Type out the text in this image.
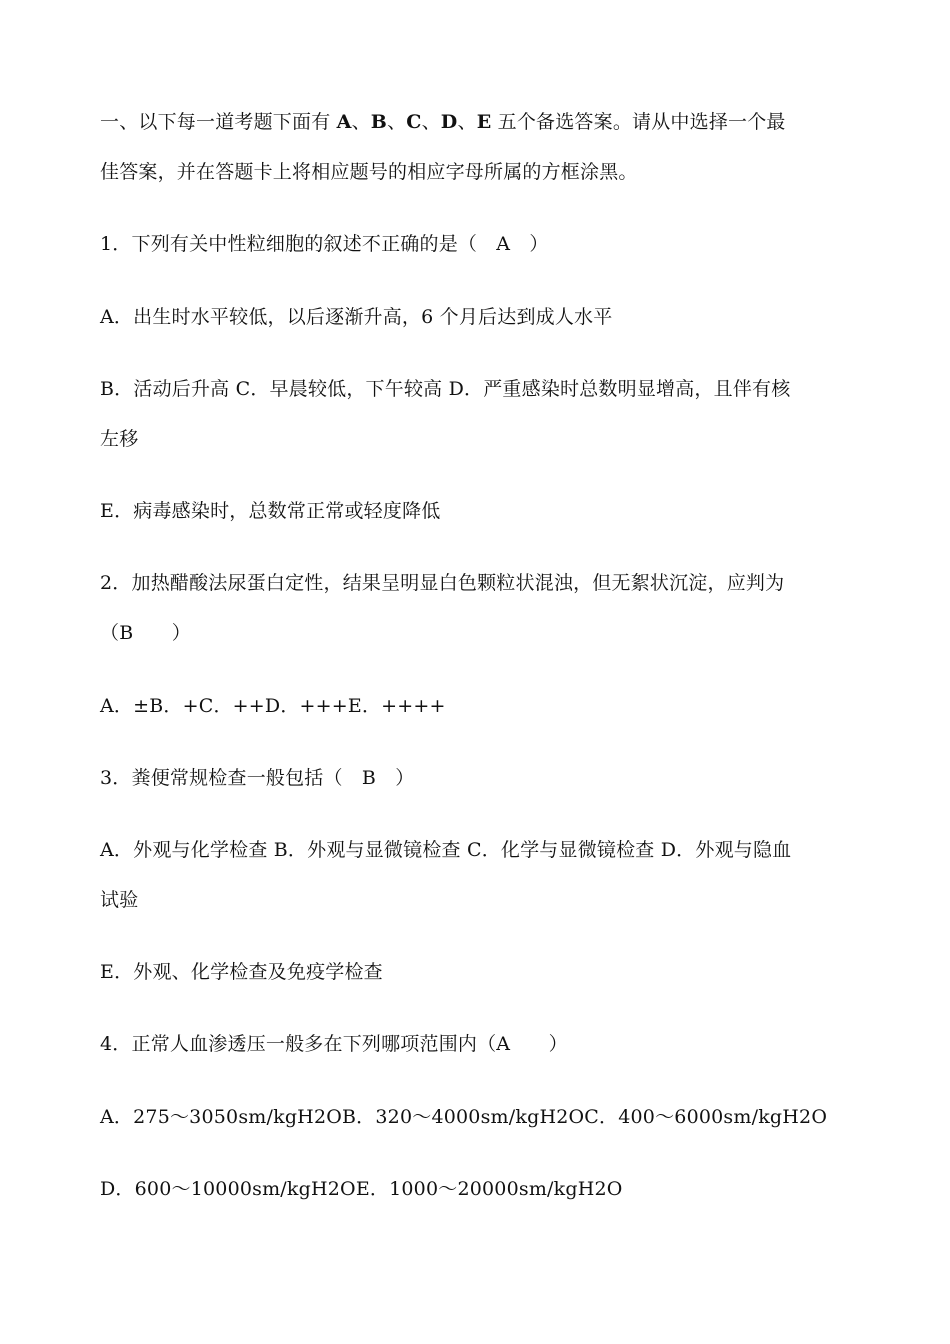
一、以下每一道考题下面有 A、B、C、D、E 五个备选答案。请从中选择一个最
佳答案，并在答题卡上将相应题号的相应字母所属的方框涂黑。
1．下列有关中性粒细胞的叙述不正确的是（　A　）
A．出生时水平较低，以后逐渐升高，6 个月后达到成人水平
B．活动后升高 C．早晨较低，下午较高 D．严重感染时总数明显增高，且伴有核
左移
E．病毒感染时，总数常正常或轻度降低
2．加热醋酸法尿蛋白定性，结果呈明显白色颗粒状混浊，但无絮状沉淀，应判为
（B　　）
A．±B．+C．++D．+++E．++++
3．粪便常规检查一般包括（　B　）
A．外观与化学检查 B．外观与显微镜检查 C．化学与显微镜检查 D．外观与隐血
试验
E．外观、化学检查及免疫学检查
4．正常人血渗透压一般多在下列哪项范围内（A　　）
A．275～3050sm/kgH2OB．320～4000sm/kgH2OC．400～6000sm/kgH2O
D．600～10000sm/kgH2OE．1000～20000sm/kgH2O
